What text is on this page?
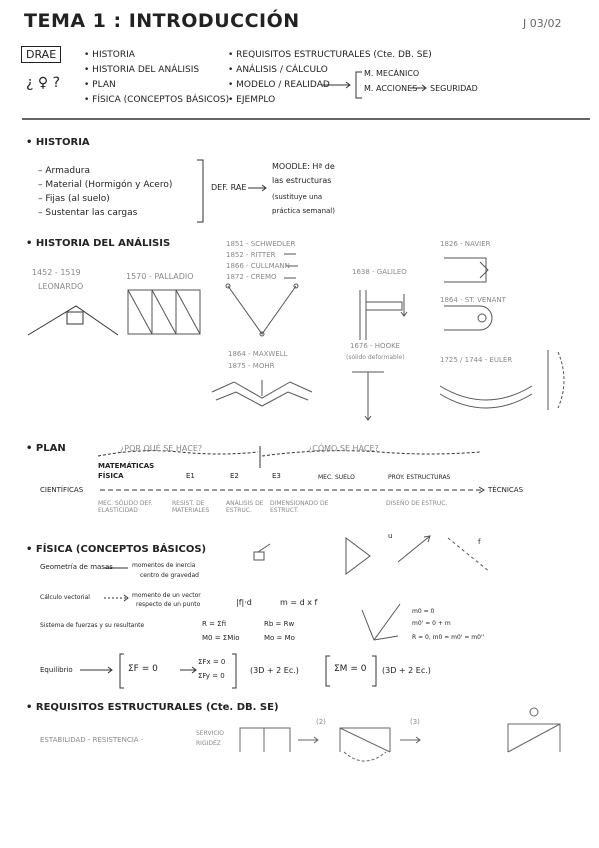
TEMA 1 : INTRODUCCIÓN	J 03/02
DRAE
¿ ♀ ?
• HISTORIA
• HISTORIA DEL ANÁLISIS
• PLAN
• FÍSICA (CONCEPTOS BÁSICOS)
• REQUISITOS ESTRUCTURALES (Cte. DB. SE)
• ANÁLISIS / CÁLCULO
• MODELO / REALIDAD
• EJEMPLO
M. MECÁNICO
M. ACCIONES SEGURIDAD
• HISTORIA
– Armadura
– Material (Hormigón y Acero)
– Fijas (al suelo)
– Sustentar las cargas
DEF. RAE
MOODLE: Hª de
las estructuras
(sustituye una
práctica semanal)
• HISTORIA DEL ANÁLISIS
1452 - 1519
LEONARDO
1570 - PALLADIO
1851 - SCHWEDLER
1852 - RITTER
1866 - CULLMANN
1872 - CREMO
1638 - GALILEO
1826 - NAVIER
1864 - ST. VENANT
1864 - MAXWELL
1875 - MOHR
1676 - HOOKE
(sólido deformable)	1725 / 1744 - EULER
• PLAN	¿POR QUÉ SE HACE?	¿CÓMO SE HACE?
MATEMÁTICAS
FÍSICA	E1	E2	E3	MEC. SUELO	PROY. ESTRUCTURAS
CIENTÍFICAS	TÉCNICAS
MEC. SÓLIDO DEF. ELASTICIDAD
RESIST. DE MATERIALES
ANÁLISIS DE ESTRUC.
DIMENSIONADO DE ESTRUCT.
DISEÑO DE ESTRUC.
• FÍSICA (CONCEPTOS BÁSICOS)
Geometría de masas	momentos de inercia
centro de gravedad
Cálculo vectorial	momento de un vector
respecto de un punto	|f|·d	m = d x f
u
f
Sistema de fuerzas y su resultante	R = Σfi
M0 = ΣMio
Rb = Rw
Mo = Mo
m0 = 0
m0' = 0 + m
R = 0, m0 = m0' = m0''
Equilibrio	ΣF = 0
ΣFx = 0
ΣFy = 0
(3D + 2 Ec.)	ΣM = 0 (3D + 2 Ec.)
• REQUISITOS ESTRUCTURALES (Cte. DB. SE)
ESTABILIDAD - RESISTENCIA -
SERVICIO
RIGIDEZ
(2)	(3)
